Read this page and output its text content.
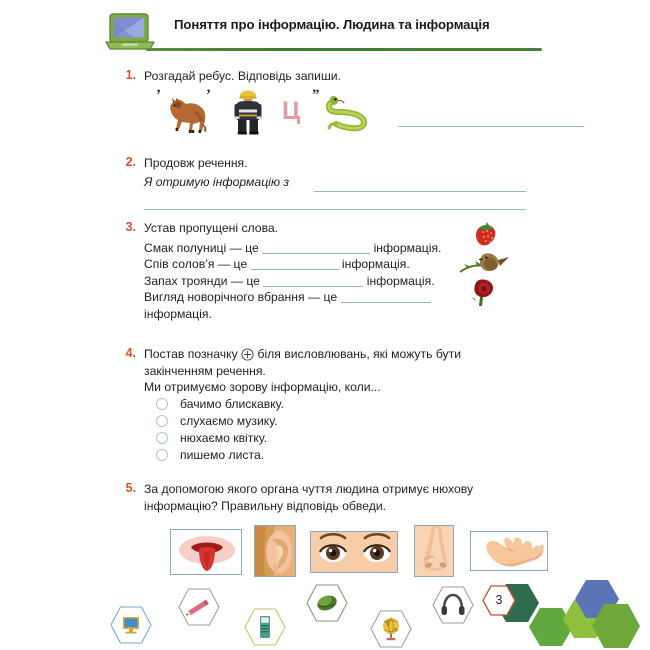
Поняття про інформацію. Людина та інформація
1. Розгадай ребус. Відповідь запиши.
’	’	”
Ц
2. Продовж речення.
Я отримую інформацію з
3. Устав пропущені слова.
Смак полуниці — це	інформація.
Спів солов’я — це	інформація.
Запах троянди — це	інформація.
Вигляд новорічного вбрання — це
інформація.
4. Постав позначку біля висловлювань, які можуть бути
закінченням речення.
Ми отримуємо зорову інформацію, коли...
бачимо блискавку.
слухаємо музику.
нюхаємо квітку.
пишемо листа.
5. За допомогою якого органа чуття людина отримує нюхову
інформацію? Правильну відповідь обведи.
3
